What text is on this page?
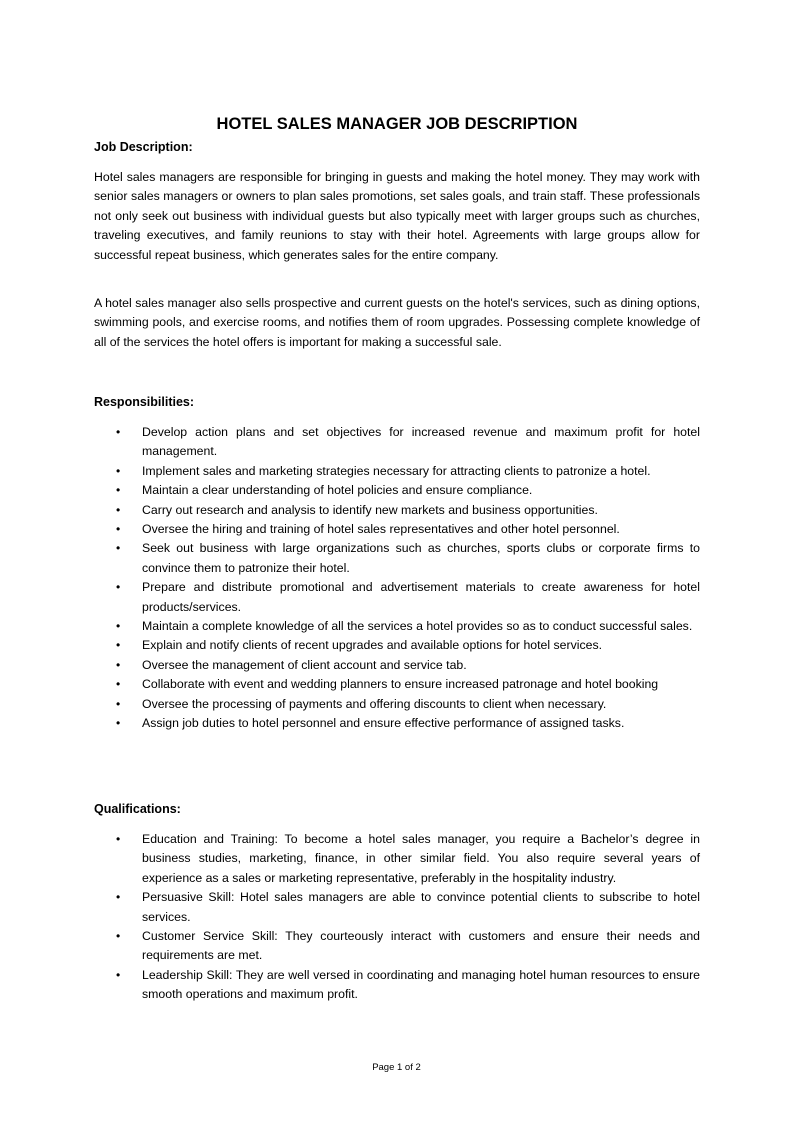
HOTEL SALES MANAGER JOB DESCRIPTION

Job Description:

Hotel sales managers are responsible for bringing in guests and making the hotel money. They may work with senior sales managers or owners to plan sales promotions, set sales goals, and train staff. These professionals not only seek out business with individual guests but also typically meet with larger groups such as churches, traveling executives, and family reunions to stay with their hotel. Agreements with large groups allow for successful repeat business, which generates sales for the entire company.

A hotel sales manager also sells prospective and current guests on the hotel's services, such as dining options, swimming pools, and exercise rooms, and notifies them of room upgrades. Possessing complete knowledge of all of the services the hotel offers is important for making a successful sale.

Responsibilities:

• Develop action plans and set objectives for increased revenue and maximum profit for hotel management.
• Implement sales and marketing strategies necessary for attracting clients to patronize a hotel.
• Maintain a clear understanding of hotel policies and ensure compliance.
• Carry out research and analysis to identify new markets and business opportunities.
• Oversee the hiring and training of hotel sales representatives and other hotel personnel.
• Seek out business with large organizations such as churches, sports clubs or corporate firms to convince them to patronize their hotel.
• Prepare and distribute promotional and advertisement materials to create awareness for hotel products/services.
• Maintain a complete knowledge of all the services a hotel provides so as to conduct successful sales.
• Explain and notify clients of recent upgrades and available options for hotel services.
• Oversee the management of client account and service tab.
• Collaborate with event and wedding planners to ensure increased patronage and hotel booking
• Oversee the processing of payments and offering discounts to client when necessary.
• Assign job duties to hotel personnel and ensure effective performance of assigned tasks.

Qualifications:

• Education and Training: To become a hotel sales manager, you require a Bachelor’s degree in business studies, marketing, finance, in other similar field. You also require several years of experience as a sales or marketing representative, preferably in the hospitality industry.
• Persuasive Skill: Hotel sales managers are able to convince potential clients to subscribe to hotel services.
• Customer Service Skill: They courteously interact with customers and ensure their needs and requirements are met.
• Leadership Skill: They are well versed in coordinating and managing hotel human resources to ensure smooth operations and maximum profit.
Page 1 of 2
